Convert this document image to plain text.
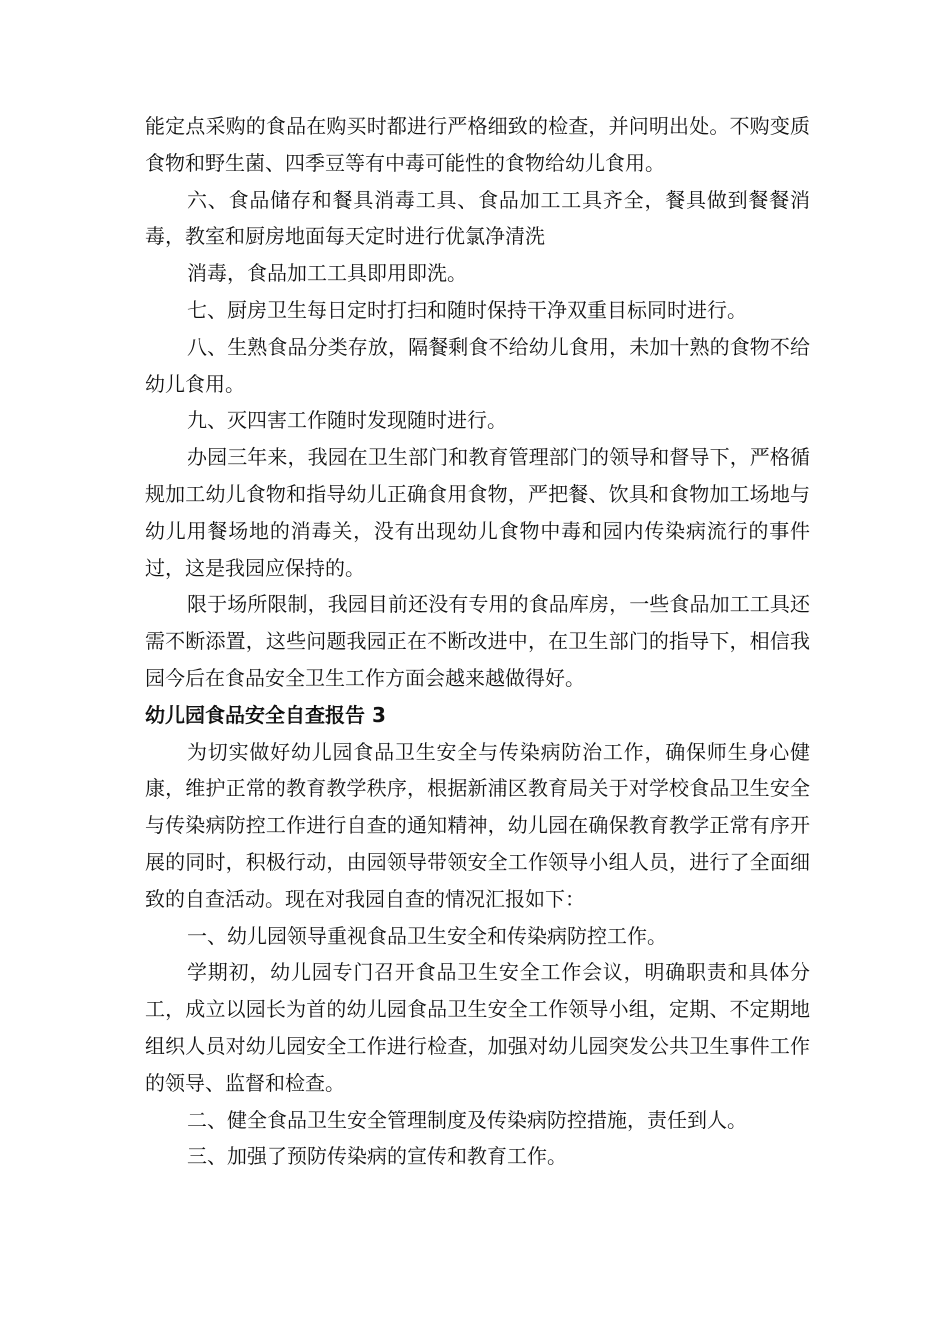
能定点采购的食品在购买时都进行严格细致的检查，并问明出处。不购变质食物和野生菌、四季豆等有中毒可能性的食物给幼儿食用。

六、食品储存和餐具消毒工具、食品加工工具齐全，餐具做到餐餐消毒，教室和厨房地面每天定时进行优氯净清洗

消毒，食品加工工具即用即洗。

七、厨房卫生每日定时打扫和随时保持干净双重目标同时进行。

八、生熟食品分类存放，隔餐剩食不给幼儿食用，未加十熟的食物不给幼儿食用。

九、灭四害工作随时发现随时进行。

办园三年来，我园在卫生部门和教育管理部门的领导和督导下，严格循规加工幼儿食物和指导幼儿正确食用食物，严把餐、饮具和食物加工场地与幼儿用餐场地的消毒关，没有出现幼儿食物中毒和园内传染病流行的事件过，这是我园应保持的。

限于场所限制，我园目前还没有专用的食品库房，一些食品加工工具还需不断添置，这些问题我园正在不断改进中，在卫生部门的指导下，相信我园今后在食品安全卫生工作方面会越来越做得好。

幼儿园食品安全自查报告 3

为切实做好幼儿园食品卫生安全与传染病防治工作，确保师生身心健康，维护正常的教育教学秩序，根据新浦区教育局关于对学校食品卫生安全与传染病防控工作进行自查的通知精神，幼儿园在确保教育教学正常有序开展的同时，积极行动，由园领导带领安全工作领导小组人员，进行了全面细致的自查活动。现在对我园自查的情况汇报如下：

一、幼儿园领导重视食品卫生安全和传染病防控工作。

学期初，幼儿园专门召开食品卫生安全工作会议，明确职责和具体分工，成立以园长为首的幼儿园食品卫生安全工作领导小组，定期、不定期地组织人员对幼儿园安全工作进行检查，加强对幼儿园突发公共卫生事件工作的领导、监督和检查。

二、健全食品卫生安全管理制度及传染病防控措施，责任到人。

三、加强了预防传染病的宣传和教育工作。
